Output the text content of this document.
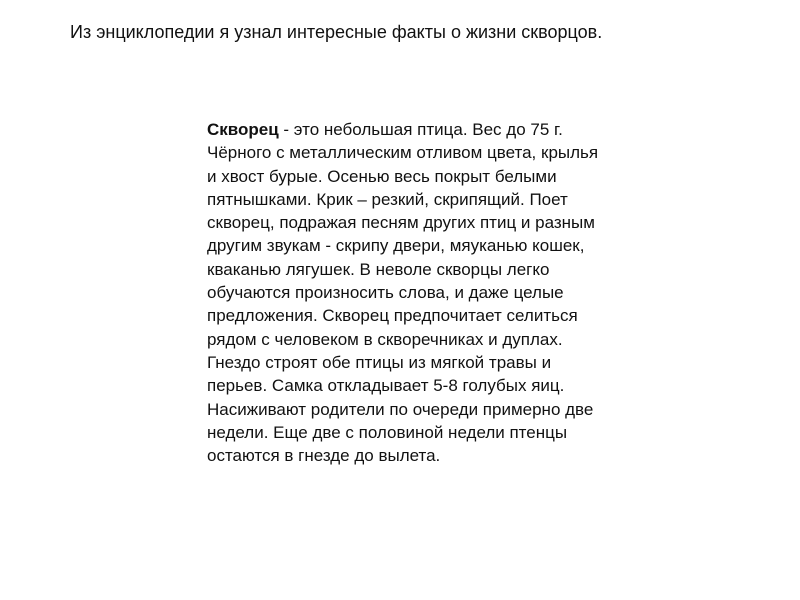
Из энциклопедии я узнал интересные факты о жизни скворцов.

Скворец - это небольшая птица. Вес до 75 г. Чёрного с металлическим отливом цвета, крылья и хвост бурые. Осенью весь покрыт белыми пятнышками. Крик – резкий, скрипящий. Поет скворец, подражая песням других птиц и разным другим звукам - скрипу двери, мяуканью кошек, кваканью лягушек. В неволе скворцы легко обучаются произносить слова, и даже целые предложения. Скворец предпочитает селиться рядом с человеком в скворечниках и дуплах. Гнездо строят обе птицы из мягкой травы и перьев. Самка откладывает 5-8 голубых яиц. Насиживают родители по очереди примерно две недели. Еще две с половиной недели птенцы остаются в гнезде до вылета.
